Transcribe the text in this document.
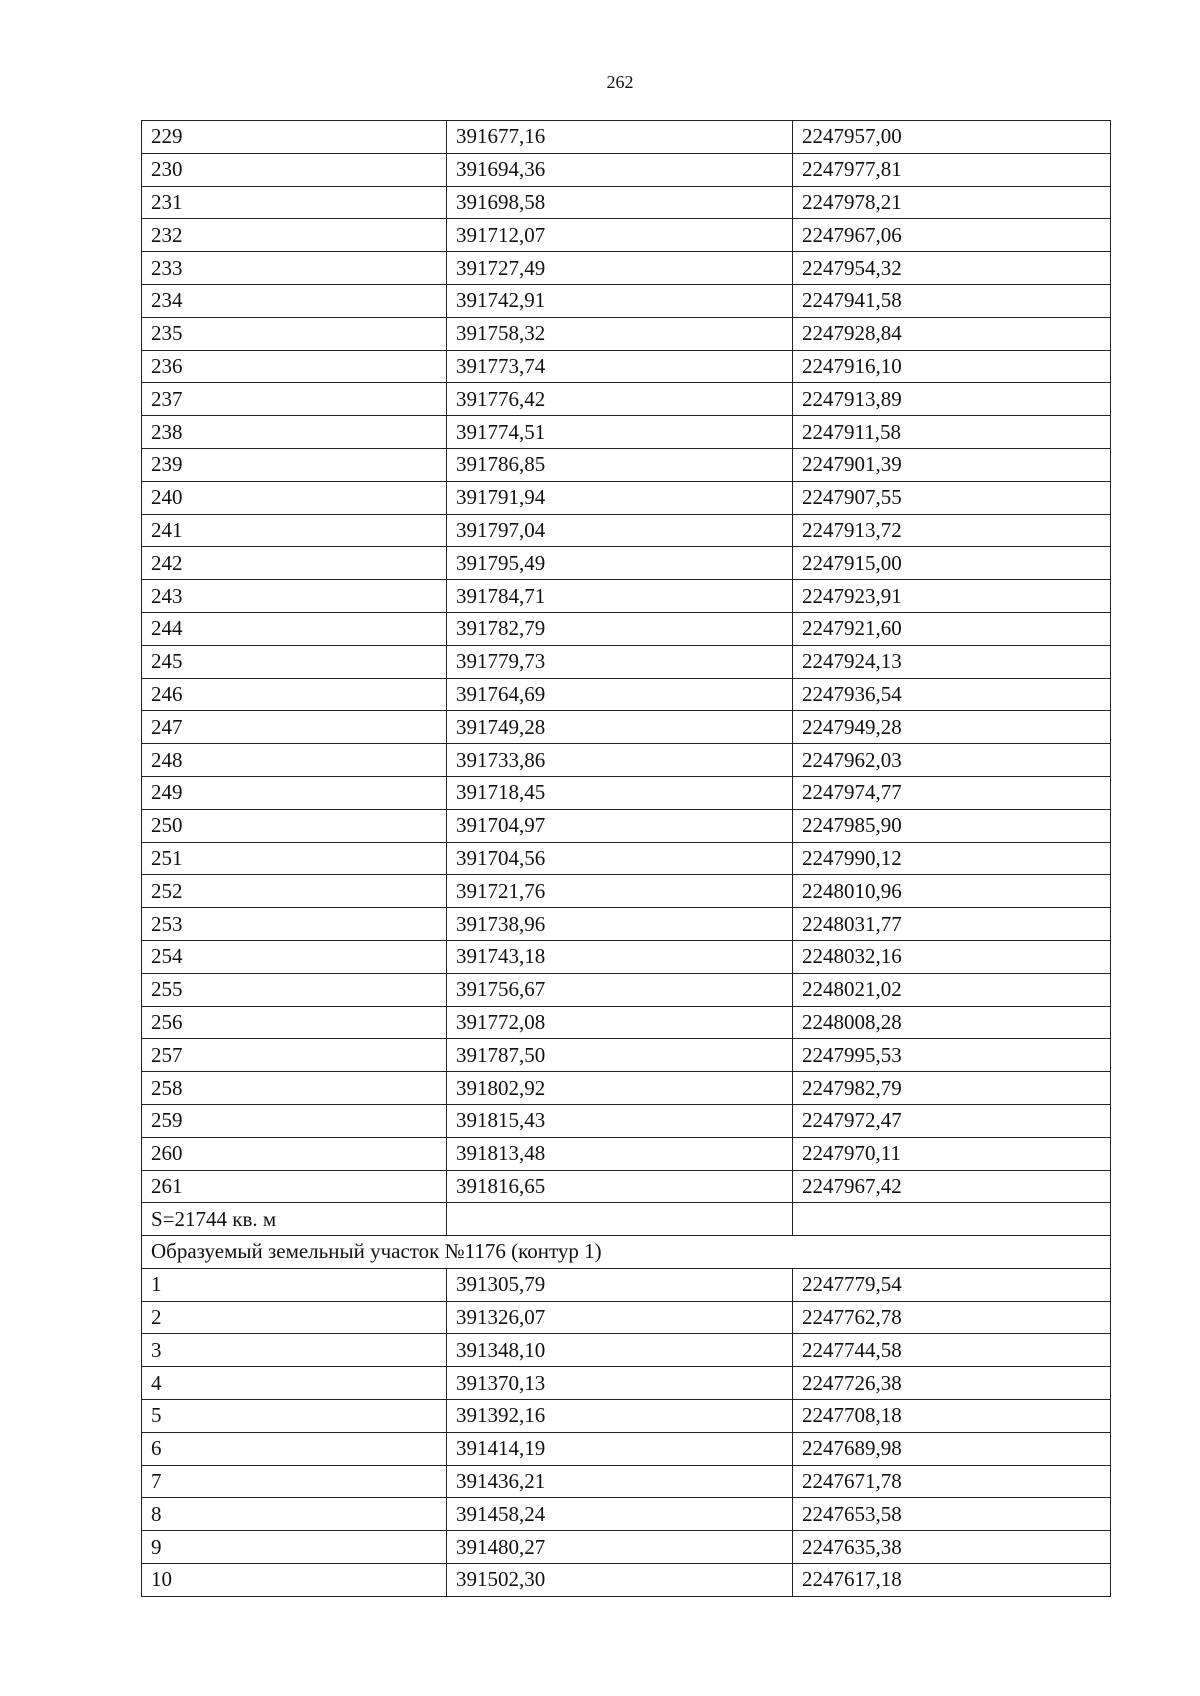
262
229	391677,16	2247957,00
230	391694,36	2247977,81
231	391698,58	2247978,21
232	391712,07	2247967,06
233	391727,49	2247954,32
234	391742,91	2247941,58
235	391758,32	2247928,84
236	391773,74	2247916,10
237	391776,42	2247913,89
238	391774,51	2247911,58
239	391786,85	2247901,39
240	391791,94	2247907,55
241	391797,04	2247913,72
242	391795,49	2247915,00
243	391784,71	2247923,91
244	391782,79	2247921,60
245	391779,73	2247924,13
246	391764,69	2247936,54
247	391749,28	2247949,28
248	391733,86	2247962,03
249	391718,45	2247974,77
250	391704,97	2247985,90
251	391704,56	2247990,12
252	391721,76	2248010,96
253	391738,96	2248031,77
254	391743,18	2248032,16
255	391756,67	2248021,02
256	391772,08	2248008,28
257	391787,50	2247995,53
258	391802,92	2247982,79
259	391815,43	2247972,47
260	391813,48	2247970,11
261	391816,65	2247967,42
S=21744 кв. м		
Образуемый земельный участок №1176 (контур 1)		
1	391305,79	2247779,54
2	391326,07	2247762,78
3	391348,10	2247744,58
4	391370,13	2247726,38
5	391392,16	2247708,18
6	391414,19	2247689,98
7	391436,21	2247671,78
8	391458,24	2247653,58
9	391480,27	2247635,38
10	391502,30	2247617,18
